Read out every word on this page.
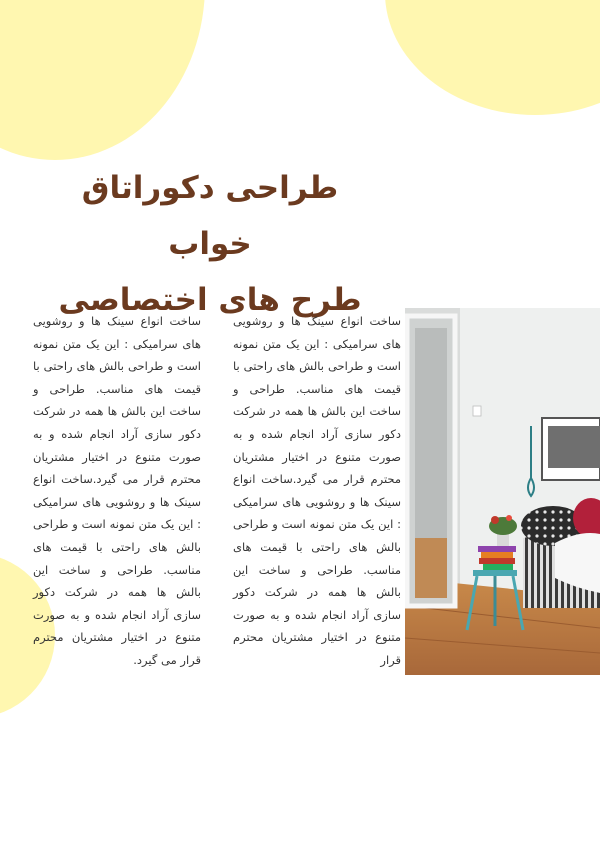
طراحی دکوراتاق خواب
طرح های اختصاصی

ساخت انواع سینک ها و روشویی های سرامیکی : این یک متن نمونه است و طراحی بالش های راحتی با قیمت های مناسب. طراحی و ساخت این بالش ها همه در شرکت دکور سازی آراد انجام شده و به صورت متنوع در اختیار مشتریان محترم قرار می گیرد.ساخت انواع سینک ها و روشویی های سرامیکی : این یک متن نمونه است و طراحی بالش های راحتی با قیمت های مناسب. طراحی و ساخت این بالش ها همه در شرکت دکور سازی آراد انجام شده و به صورت متنوع در اختیار مشتریان محترم قرار می گیرد.

ساخت انواع سینک ها و روشویی های سرامیکی : این یک متن نمونه است و طراحی بالش های راحتی با قیمت های مناسب. طراحی و ساخت این بالش ها همه در شرکت دکور سازی آراد انجام شده و به صورت متنوع در اختیار مشتریان محترم قرار می گیرد.ساخت انواع سینک ها و روشویی های سرامیکی : این یک متن نمونه است و طراحی بالش های راحتی با قیمت های مناسب. طراحی و ساخت این بالش ها همه در شرکت دکور سازی آراد انجام شده و به صورت متنوع در اختیار مشتریان محترم قرار
